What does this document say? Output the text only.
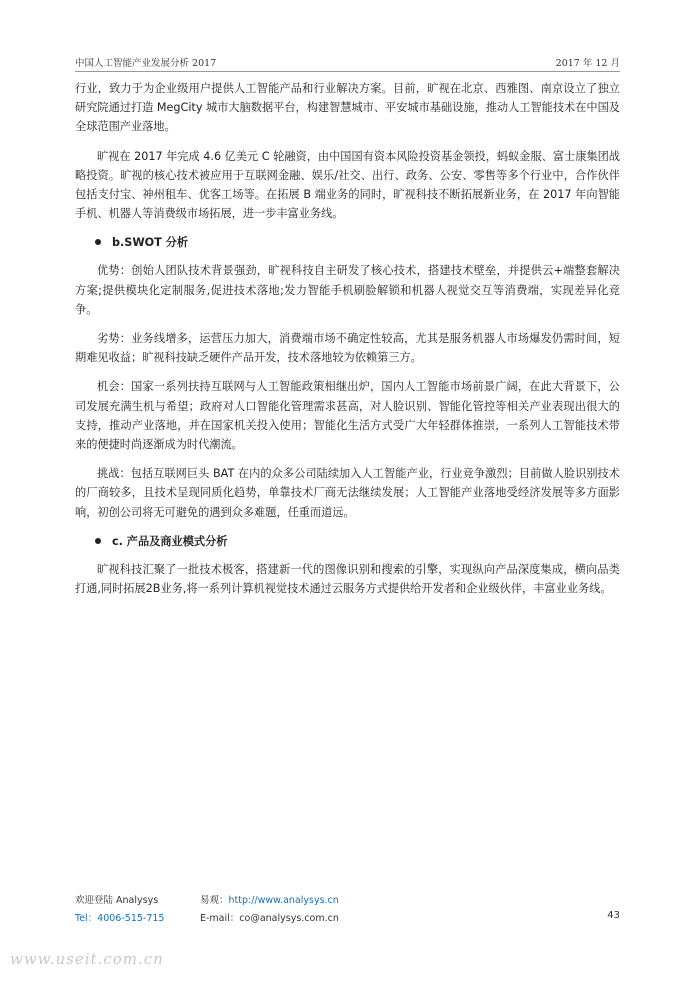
中国人工智能产业发展分析 2017	2017 年 12 月

行业，致力于为企业级用户提供人工智能产品和行业解决方案。目前，旷视在北京、西雅图、南京设立了独立研究院通过打造 MegCity 城市大脑数据平台，构建智慧城市、平安城市基础设施，推动人工智能技术在中国及全球范围产业落地。

旷视在 2017 年完成 4.6 亿美元 C 轮融资，由中国国有资本风险投资基金领投，蚂蚁金服、富士康集团战略投资。旷视的核心技术被应用于互联网金融、娱乐/社交、出行、政务、公安、零售等多个行业中，合作伙伴包括支付宝、神州租车、优客工场等。在拓展 B 端业务的同时，旷视科技不断拓展新业务，在 2017 年向智能手机、机器人等消费级市场拓展，进一步丰富业务线。

b.SWOT 分析

优势：创始人团队技术背景强劲，旷视科技自主研发了核心技术，搭建技术壁垒，并提供云+端整套解决方案;提供模块化定制服务,促进技术落地;发力智能手机刷脸解锁和机器人视觉交互等消费端，实现差异化竞争。

劣势：业务线增多，运营压力加大，消费端市场不确定性较高，尤其是服务机器人市场爆发仍需时间，短期难见收益；旷视科技缺乏硬件产品开发，技术落地较为依赖第三方。

机会：国家一系列扶持互联网与人工智能政策相继出炉，国内人工智能市场前景广阔，在此大背景下，公司发展充满生机与希望；政府对人口智能化管理需求甚高，对人脸识别、智能化管控等相关产业表现出很大的支持，推动产业落地，并在国家机关投入使用；智能化生活方式受广大年轻群体推崇，一系列人工智能技术带来的便捷时尚逐渐成为时代潮流。

挑战：包括互联网巨头 BAT 在内的众多公司陆续加入人工智能产业，行业竞争激烈；目前做人脸识别技术的厂商较多，且技术呈现同质化趋势，单靠技术厂商无法继续发展；人工智能产业落地受经济发展等多方面影响，初创公司将无可避免的遇到众多难题，任重而道远。

c. 产品及商业模式分析

旷视科技汇聚了一批技术极客，搭建新一代的图像识别和搜索的引擎，实现纵向产品深度集成，横向品类打通,同时拓展2B业务,将一系列计算机视觉技术通过云服务方式提供给开发者和企业级伙伴，丰富业业务线。

欢迎登陆 Analysys	易观：http://www.analysys.cn
Tel：4006-515-715	E-mail：co@analysys.com.cn	43
www.useit.com.cn
